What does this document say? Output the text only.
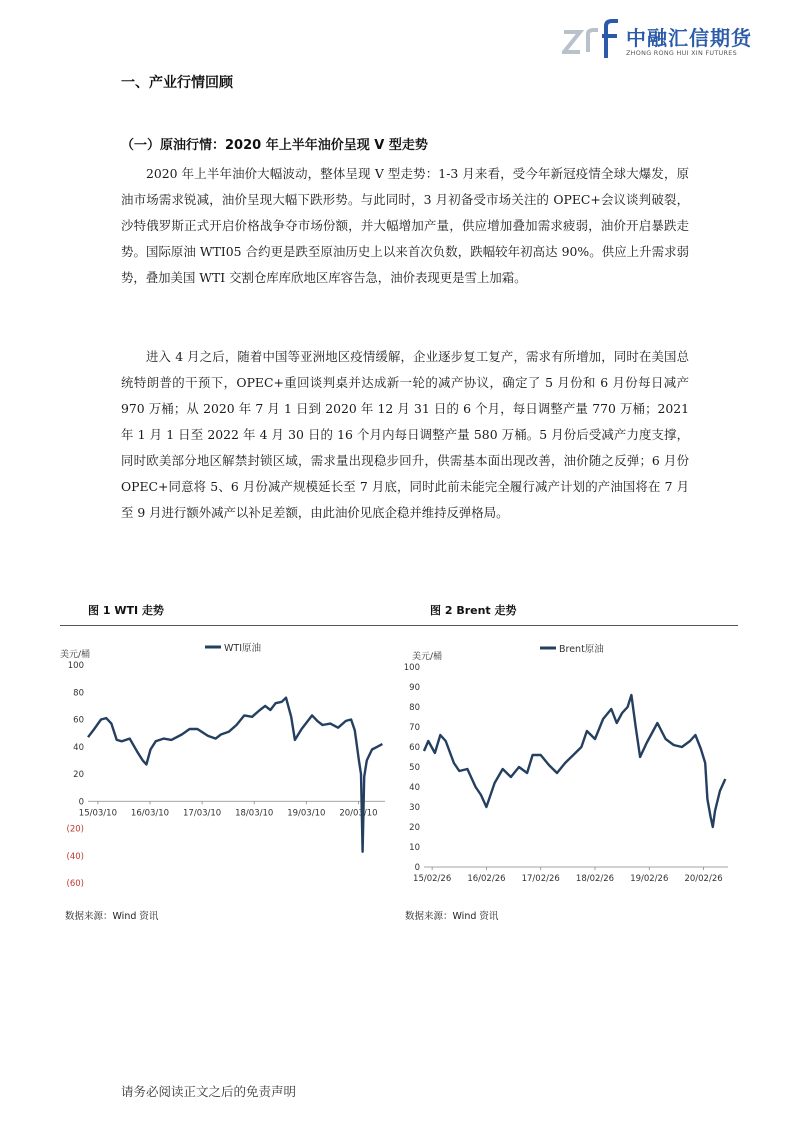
中融汇信期货
ZHONG RONG HUI XIN FUTURES
一、产业行情回顾
（一）原油行情：2020 年上半年油价呈现 V 型走势

2020 年上半年油价大幅波动，整体呈现 V 型走势：1-3 月来看，受今年新冠疫情全球大爆发，原油市场需求锐减，油价呈现大幅下跌形势。与此同时，3 月初备受市场关注的 OPEC+会议谈判破裂，沙特俄罗斯正式开启价格战争夺市场份额，并大幅增加产量，供应增加叠加需求疲弱，油价开启暴跌走势。国际原油 WTI05 合约更是跌至原油历史上以来首次负数，跌幅较年初高达 90%。供应上升需求弱势，叠加美国 WTI 交割仓库库欣地区库容告急，油价表现更是雪上加霜。

进入 4 月之后，随着中国等亚洲地区疫情缓解，企业逐步复工复产，需求有所增加，同时在美国总统特朗普的干预下，OPEC+重回谈判桌并达成新一轮的减产协议，确定了 5 月份和 6 月份每日减产 970 万桶；从 2020 年 7 月 1 日到 2020 年 12 月 31 日的 6 个月，每日调整产量 770 万桶；2021 年 1 月 1 日至 2022 年 4 月 30 日的 16 个月内每日调整产量 580 万桶。5 月份后受减产力度支撑，同时欧美部分地区解禁封锁区域，需求量出现稳步回升，供需基本面出现改善，油价随之反弹；6 月份 OPEC+同意将 5、6 月份减产规模延长至 7 月底，同时此前未能完全履行减产计划的产油国将在 7 月至 9 月进行额外减产以补足差额，由此油价见底企稳并维持反弹格局。

图 1 WTI 走势	图 2 Brent 走势
WTI原油
美元/桶
100
80
60
40
20
0
(20)
(40)
(60)
15/03/10 16/03/10 17/03/10 18/03/10 19/03/10 20/03/10
Brent原油
美元/桶
100
90
80
70
60
50
40
30
20
10
0
15/02/26 16/02/26 17/02/26 18/02/26 19/02/26 20/02/26
数据来源：Wind 资讯	数据来源：Wind 资讯
请务必阅读正文之后的免责声明
